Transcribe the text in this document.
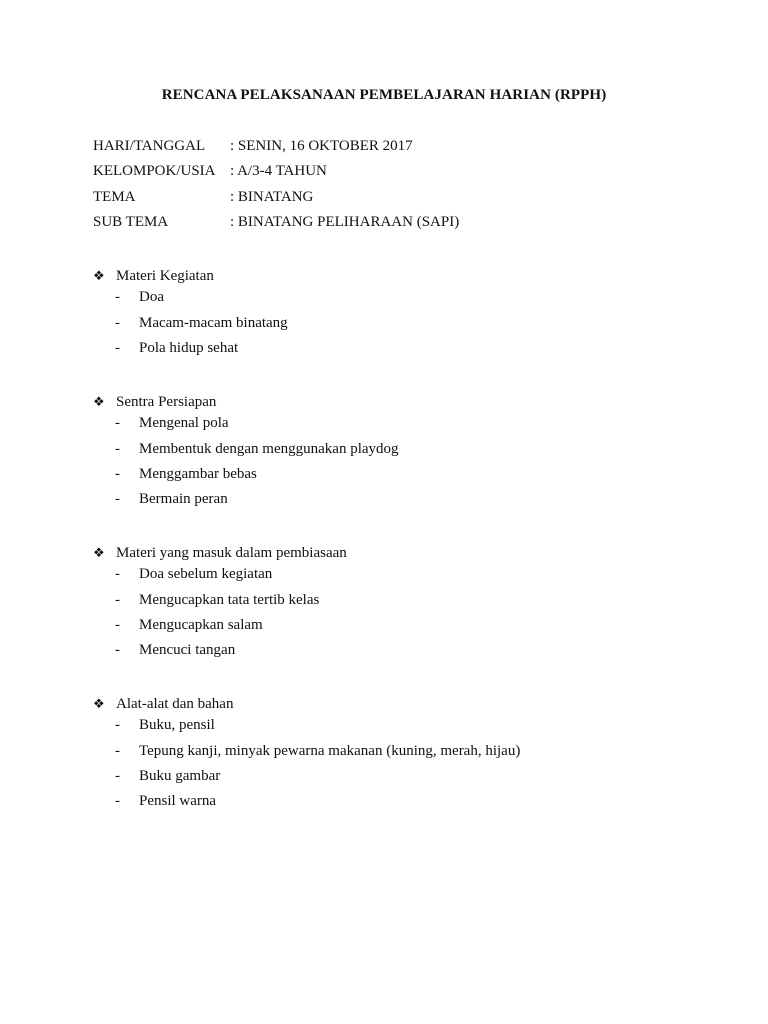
RENCANA PELAKSANAAN PEMBELAJARAN HARIAN (RPPH)
HARI/TANGGAL	: SENIN, 16 OKTOBER 2017
KELOMPOK/USIA : A/3-4 TAHUN
TEMA	: BINATANG
SUB TEMA	: BINATANG PELIHARAAN (SAPI)
❖ Materi Kegiatan
-	Doa
-	Macam-macam binatang
-	Pola hidup sehat
❖ Sentra Persiapan
-	Mengenal pola
-	Membentuk dengan menggunakan playdog
-	Menggambar bebas
-	Bermain peran
❖ Materi yang masuk dalam pembiasaan
-	Doa sebelum kegiatan
-	Mengucapkan tata tertib kelas
-	Mengucapkan salam
-	Mencuci tangan
❖ Alat-alat dan bahan
-	Buku, pensil
-	Tepung kanji, minyak pewarna makanan (kuning, merah, hijau)
-	Buku gambar
-	Pensil warna
